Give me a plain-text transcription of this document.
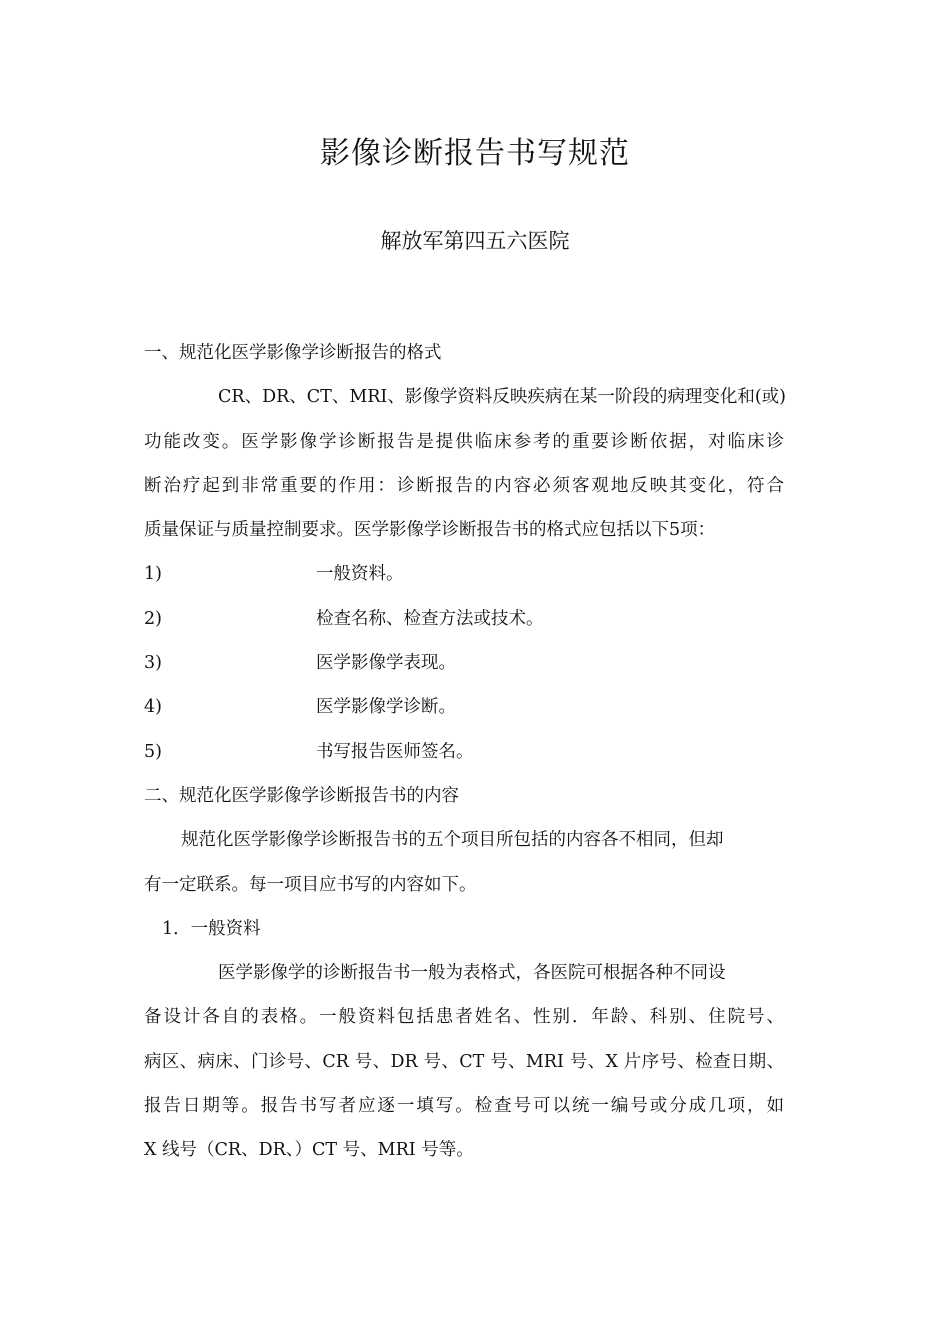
影像诊断报告书写规范
解放军第四五六医院
一、规范化医学影像学诊断报告的格式
CR、DR、CT、MRI、影像学资料反映疾病在某一阶段的病理变化和(或)
功能改变。医学影像学诊断报告是提供临床参考的重要诊断依据，对临床诊
断治疗起到非常重要的作用：诊断报告的内容必须客观地反映其变化，符合
质量保证与质量控制要求。医学影像学诊断报告书的格式应包括以下5项：
1)	一般资料。
2)	检查名称、检查方法或技术。
3)	医学影像学表现。
4)	医学影像学诊断。
5)	书写报告医师签名。
二、规范化医学影像学诊断报告书的内容
规范化医学影像学诊断报告书的五个项目所包括的内容各不相同，但却
有一定联系。每一项目应书写的内容如下。
1．一般资料
医学影像学的诊断报告书一般为表格式，各医院可根据各种不同设
备设计各自的表格。一般资料包括患者姓名、性别．年龄、科别、住院号、
病区、病床、门诊号、CR 号、DR 号、CT 号、MRI 号、X 片序号、检查日期、
报告日期等。报告书写者应逐一填写。检查号可以统一编号或分成几项，如
X 线号（CR、DR、）CT 号、MRI 号等。
